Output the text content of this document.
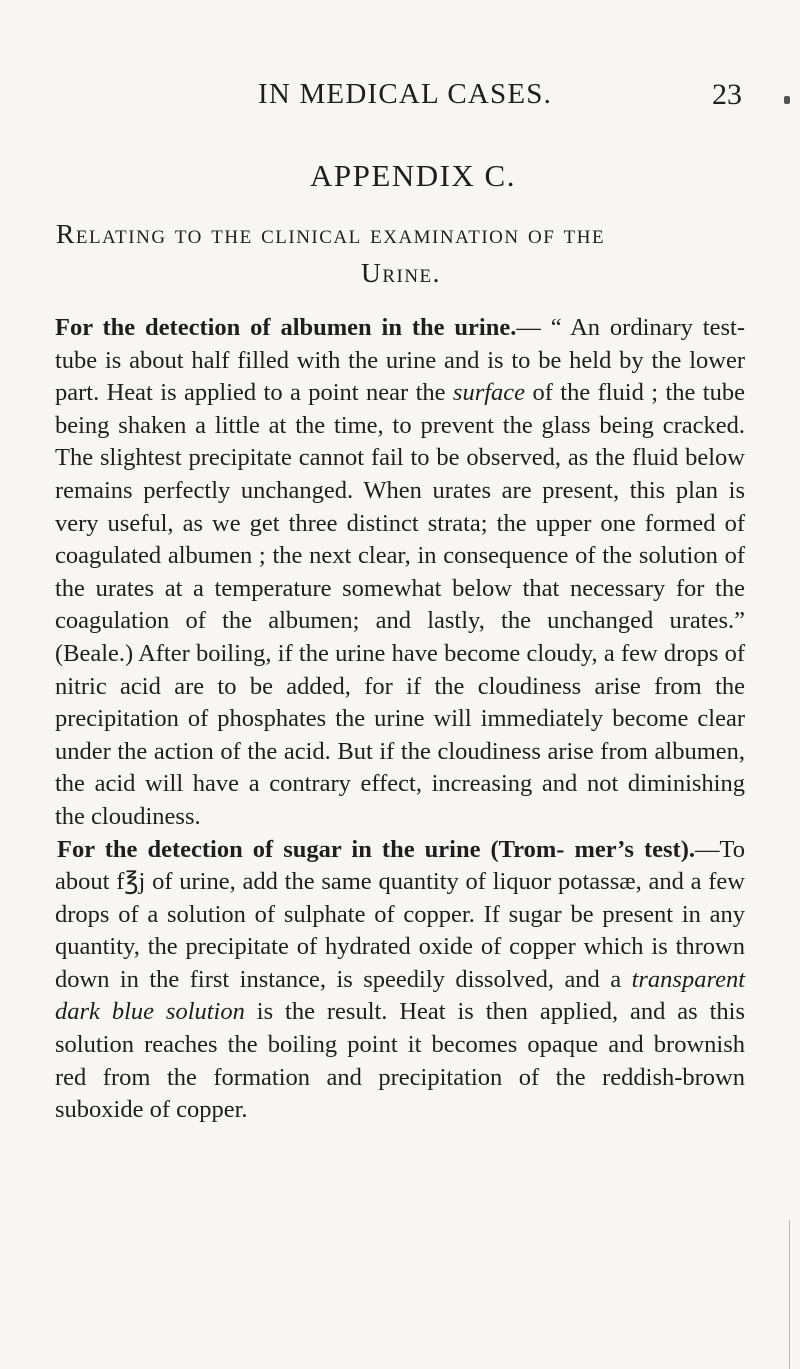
IN MEDICAL CASES.	23
APPENDIX C.
Relating to the clinical examination of the
Urine.

For the detection of albumen in the urine.— “ An ordinary test-tube is about half filled with the urine and is to be held by the lower part. Heat is applied to a point near the surface of the fluid ; the tube being shaken a little at the time, to prevent the glass being cracked. The slightest precipitate cannot fail to be observed, as the fluid below remains perfectly unchanged. When urates are present, this plan is very useful, as we get three distinct strata; the upper one formed of coagulated albumen ; the next clear, in consequence of the solution of the urates at a temperature somewhat below that necessary for the coagulation of the albumen; and lastly, the unchanged urates.” (Beale.) After boiling, if the urine have become cloudy, a few drops of nitric acid are to be added, for if the cloudiness arise from the precipitation of phosphates the urine will immediately become clear under the action of the acid. But if the cloudiness arise from albumen, the acid will have a contrary effect, increasing and not diminishing the cloudiness.

For the detection of sugar in the urine (Trom- mer’s test).—To about f℥j of urine, add the same quantity of liquor potassæ, and a few drops of a solution of sulphate of copper. If sugar be present in any quantity, the precipitate of hydrated oxide of copper which is thrown down in the first instance, is speedily dissolved, and a transparent dark blue solution is the result. Heat is then applied, and as this solution reaches the boiling point it becomes opaque and brownish red from the formation and precipitation of the reddish-brown suboxide of copper.
